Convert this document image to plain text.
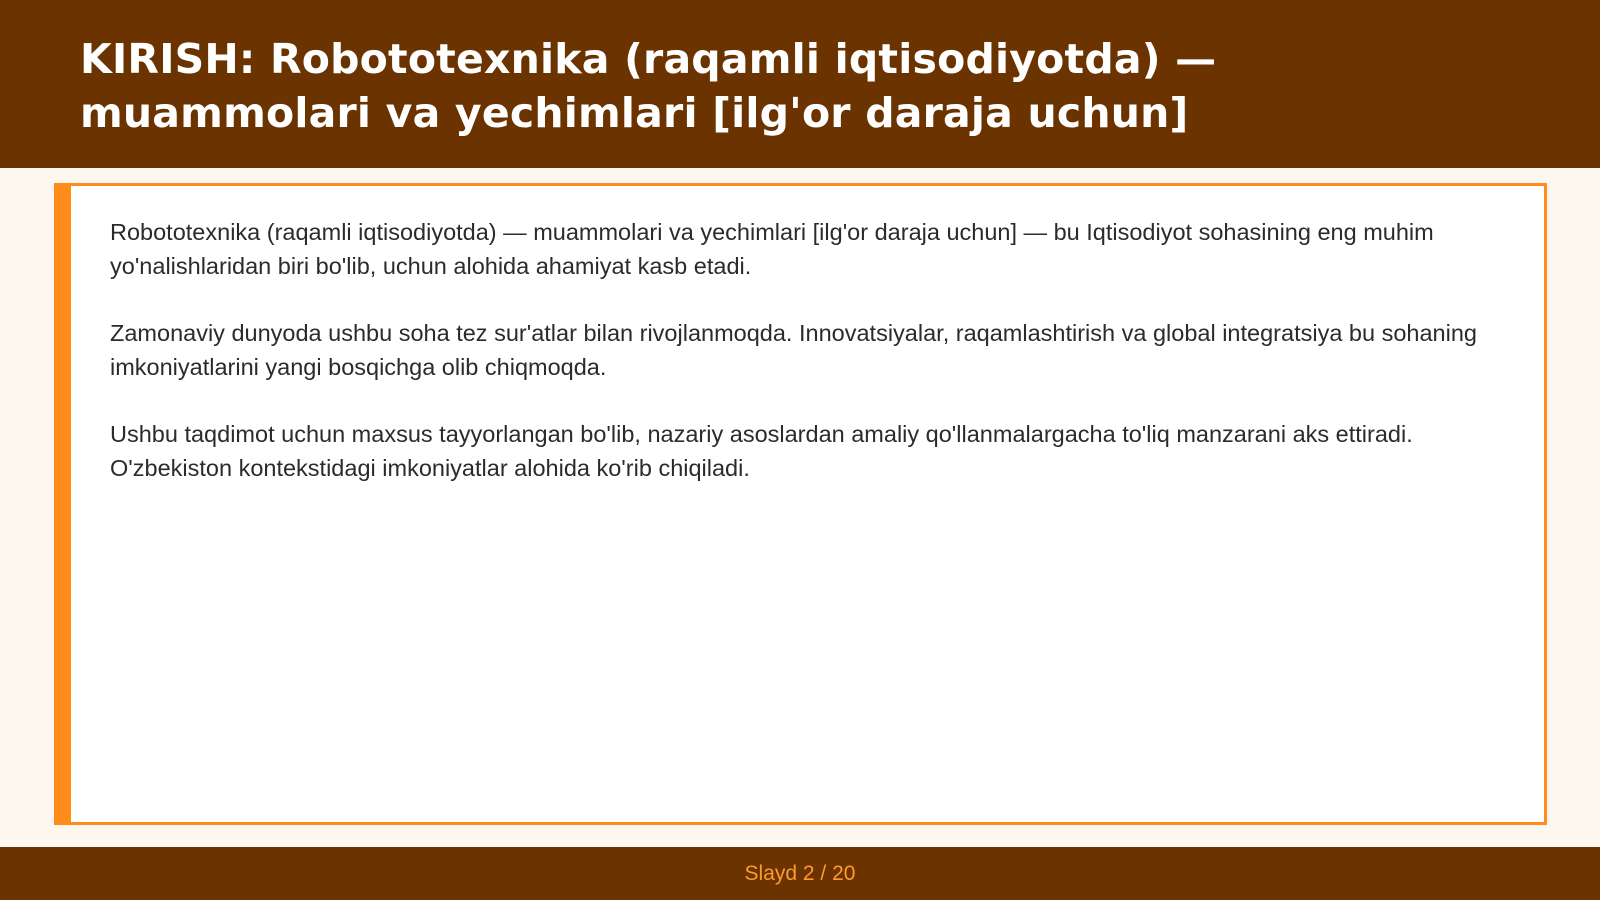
KIRISH: Robototexnika (raqamli iqtisodiyotda) — muammolari va yechimlari [ilg'or daraja uchun]

Robototexnika (raqamli iqtisodiyotda) — muammolari va yechimlari [ilg'or daraja uchun] — bu Iqtisodiyot sohasining eng muhim yo'nalishlaridan biri bo'lib, uchun alohida ahamiyat kasb etadi.

Zamonaviy dunyoda ushbu soha tez sur'atlar bilan rivojlanmoqda. Innovatsiyalar, raqamlashtirish va global integratsiya bu sohaning imkoniyatlarini yangi bosqichga olib chiqmoqda.

Ushbu taqdimot uchun maxsus tayyorlangan bo'lib, nazariy asoslardan amaliy qo'llanmalargacha to'liq manzarani aks ettiradi. O'zbekiston kontekstidagi imkoniyatlar alohida ko'rib chiqiladi.

Slayd 2 / 20
